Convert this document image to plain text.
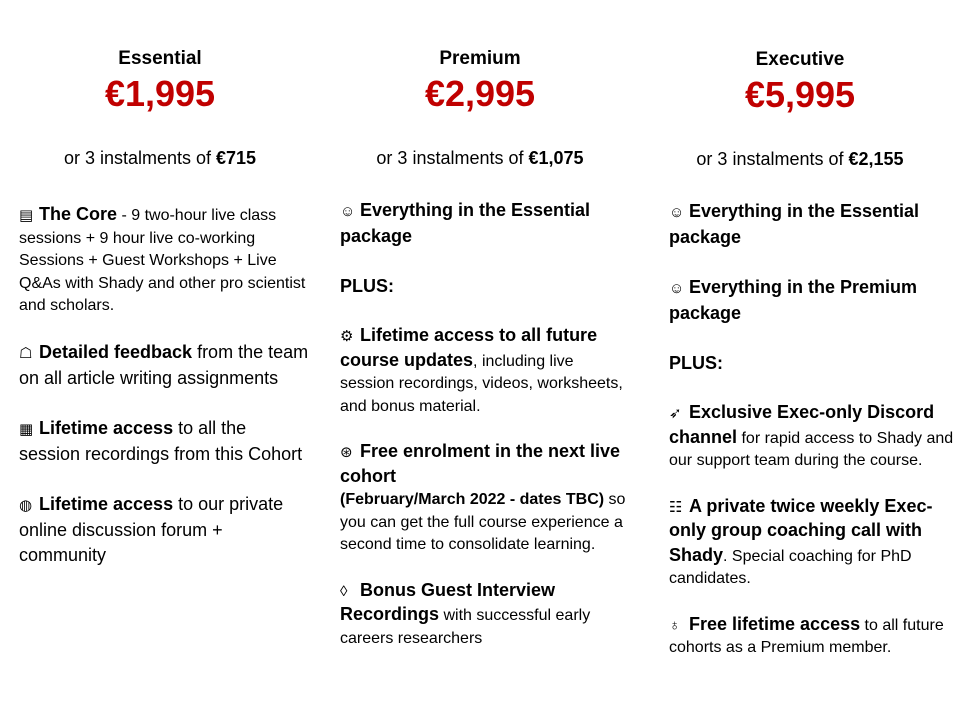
Essential
€1,995
or 3 instalments of €715

▤ The Core - 9 two-hour live class sessions + 9 hour live co-working Sessions + Guest Workshops + Live Q&As with Shady and other pro scientist and scholars.

☖ Detailed feedback from the team on all article writing assignments

▦ Lifetime access to all the session recordings from this Cohort

◍ Lifetime access to our private online discussion forum + community

Premium
€2,995
or 3 instalments of €1,075

☺ Everything in the Essential package

PLUS:

⚙ Lifetime access to all future course updates, including live session recordings, videos, worksheets, and bonus material.

⊛ Free enrolment in the next live cohort
(February/March 2022 - dates TBC) so you can get the full course experience a second time to consolidate learning.

◊ Bonus Guest Interview Recordings with successful early careers researchers

Executive
€5,995
or 3 instalments of €2,155

☺ Everything in the Essential package

☺ Everything in the Premium package

PLUS:

➶ Exclusive Exec-only Discord channel for rapid access to Shady and our support team during the course.

☷ A private twice weekly Exec-only group coaching call with Shady. Special coaching for PhD candidates.

♁ Free lifetime access to all future cohorts as a Premium member.
